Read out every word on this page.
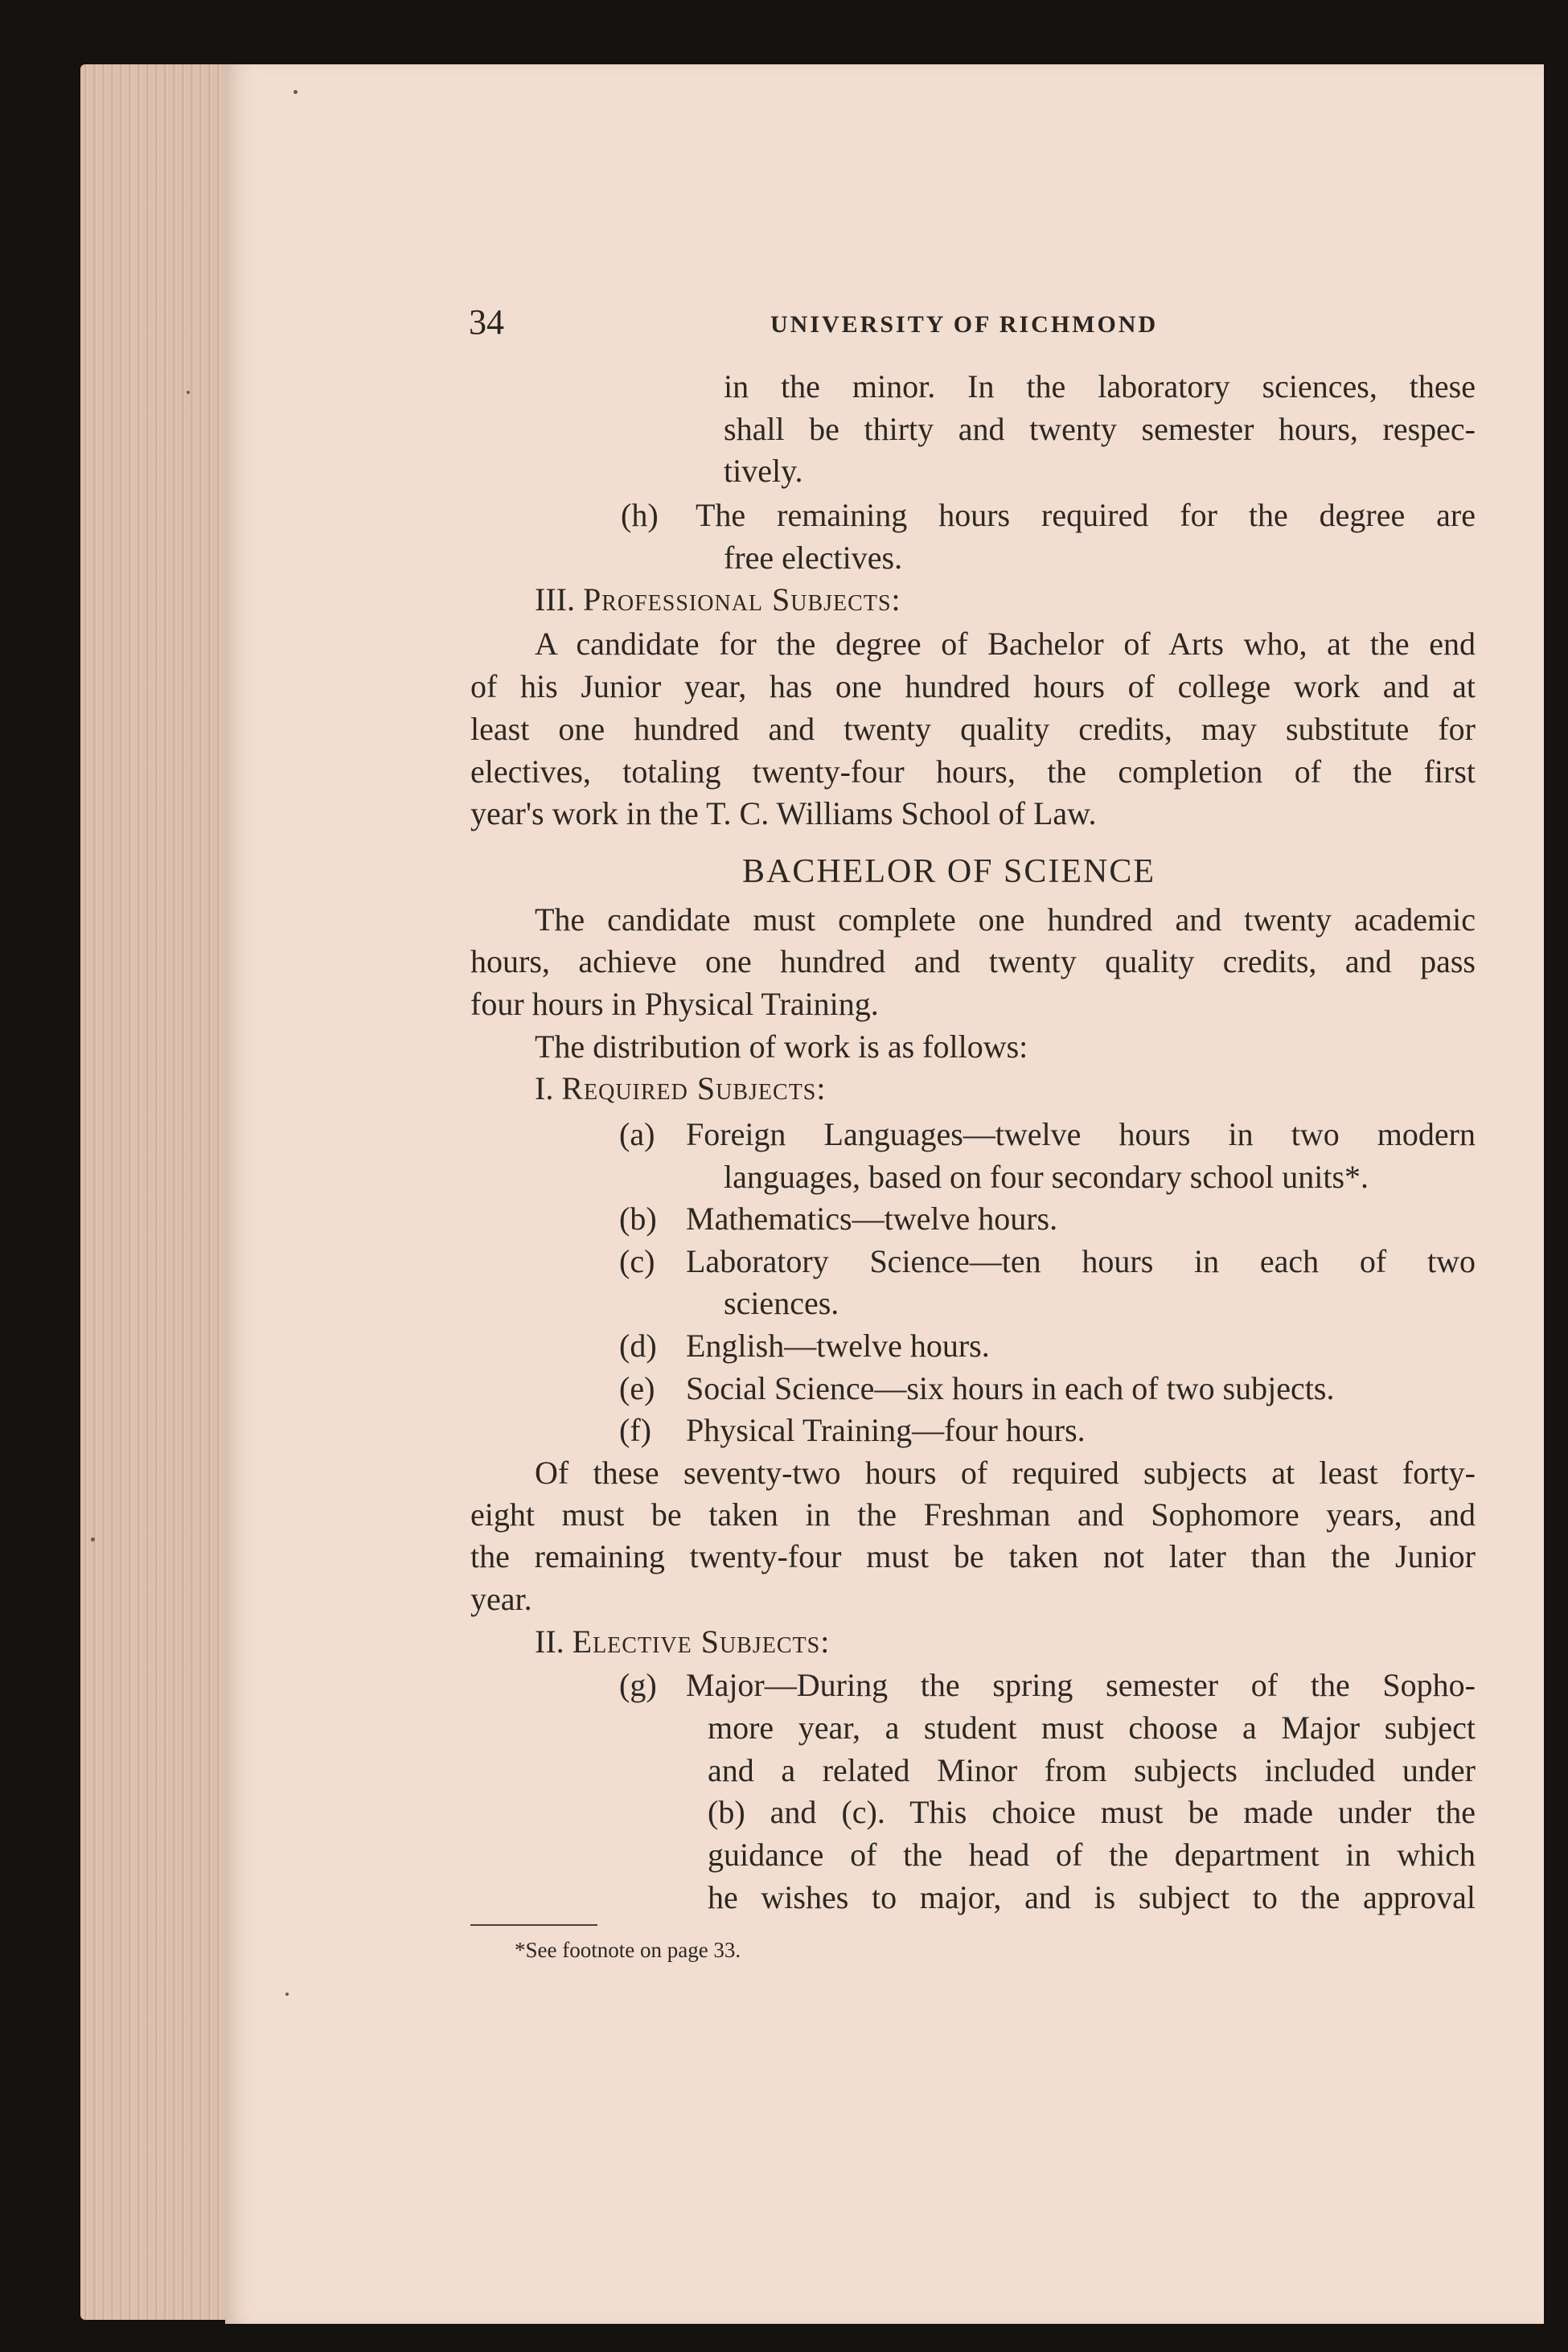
34	UNIVERSITY OF RICHMOND
in the minor. In the laboratory sciences, these
shall be thirty and twenty semester hours, respec-
tively.
(h) The remaining hours required for the degree are
free electives.
III. Professional Subjects:
A candidate for the degree of Bachelor of Arts who, at the end
of his Junior year, has one hundred hours of college work and at
least one hundred and twenty quality credits, may substitute for
electives, totaling twenty-four hours, the completion of the first
year's work in the T. C. Williams School of Law.
BACHELOR OF SCIENCE
The candidate must complete one hundred and twenty academic
hours, achieve one hundred and twenty quality credits, and pass
four hours in Physical Training.
The distribution of work is as follows:
I. Required Subjects:
(a) Foreign Languages—twelve hours in two modern
languages, based on four secondary school units*.
(b) Mathematics—twelve hours.
(c) Laboratory Science—ten hours in each of two
sciences.
(d) English—twelve hours.
(e) Social Science—six hours in each of two subjects.
(f) Physical Training—four hours.
Of these seventy-two hours of required subjects at least forty-
eight must be taken in the Freshman and Sophomore years, and
the remaining twenty-four must be taken not later than the Junior
year.
II. Elective Subjects:
(g) Major—During the spring semester of the Sopho-
more year, a student must choose a Major subject
and a related Minor from subjects included under
(b) and (c). This choice must be made under the
guidance of the head of the department in which
he wishes to major, and is subject to the approval
*See footnote on page 33.
